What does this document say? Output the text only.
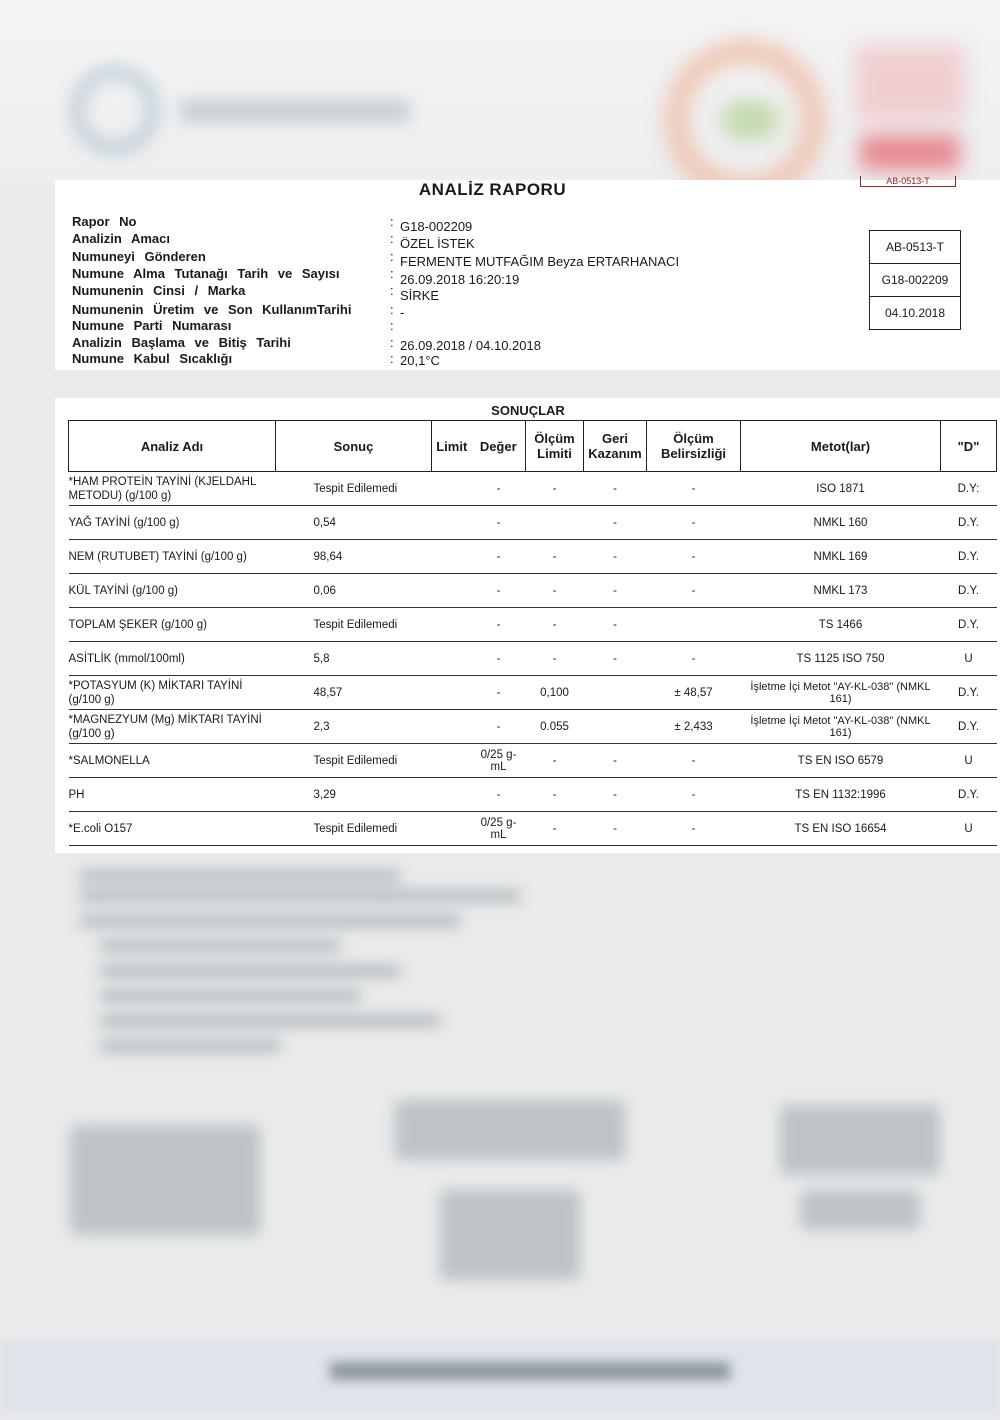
ANALİZ RAPORU	AB-0513-T
Rapor No	: G18-002209
Analizin Amacı	: ÖZEL İSTEK
Numuneyi Gönderen	: FERMENTE MUTFAĞIM Beyza ERTARHANACI
Numune Alma Tutanağı Tarih ve Sayısı	: 26.09.2018 16:20:19
Numunenin Cinsi / Marka	: SİRKE
Numunenin Üretim ve Son KullanımTarihi	: -
Numune Parti Numarası	:
Analizin Başlama ve Bitiş Tarihi	: 26.09.2018 / 04.10.2018
Numune Kabul Sıcaklığı	: 20,1°C
AB-0513-T
G18-002209
04.10.2018
SONUÇLAR
Analiz Adı	Sonuç	Limit	Değer	Ölçüm Limiti	Geri Kazanım	Ölçüm Belirsizliği	Metot(lar)	"D"
*HAM PROTEİN TAYİNİ (KJELDAHL METODU) (g/100 g)	Tespit Edilemedi		-	-	-	-	ISO 1871	D.Y:
YAĞ TAYİNİ (g/100 g)	0,54		-		-	-	NMKL 160	D.Y.
NEM (RUTUBET) TAYİNİ (g/100 g)	98,64		-	-	-	-	NMKL 169	D.Y.
KÜL TAYİNİ (g/100 g)	0,06		-	-	-	-	NMKL 173	D.Y.
TOPLAM ŞEKER (g/100 g)	Tespit Edilemedi		-	-	-		TS 1466	D.Y.
ASİTLİK (mmol/100ml)	5,8		-	-	-	-	TS 1125 ISO 750	U
*POTASYUM (K) MİKTARI TAYİNİ (g/100 g)	48,57		-	0,100		± 48,57	İşletme İçi Metot "AY-KL-038" (NMKL 161)	D.Y.
*MAGNEZYUM (Mg) MİKTARI TAYİNİ (g/100 g)	2,3		-	0.055		± 2,433	İşletme İçi Metot "AY-KL-038" (NMKL 161)	D.Y.
*SALMONELLA	Tespit Edilemedi		0/25 g-mL	-	-	-	TS EN ISO 6579	U
PH	3,29		-	-	-	-	TS EN 1132:1996	D.Y.
*E.coli O157	Tespit Edilemedi		0/25 g-mL	-	-	-	TS EN ISO 16654	U
